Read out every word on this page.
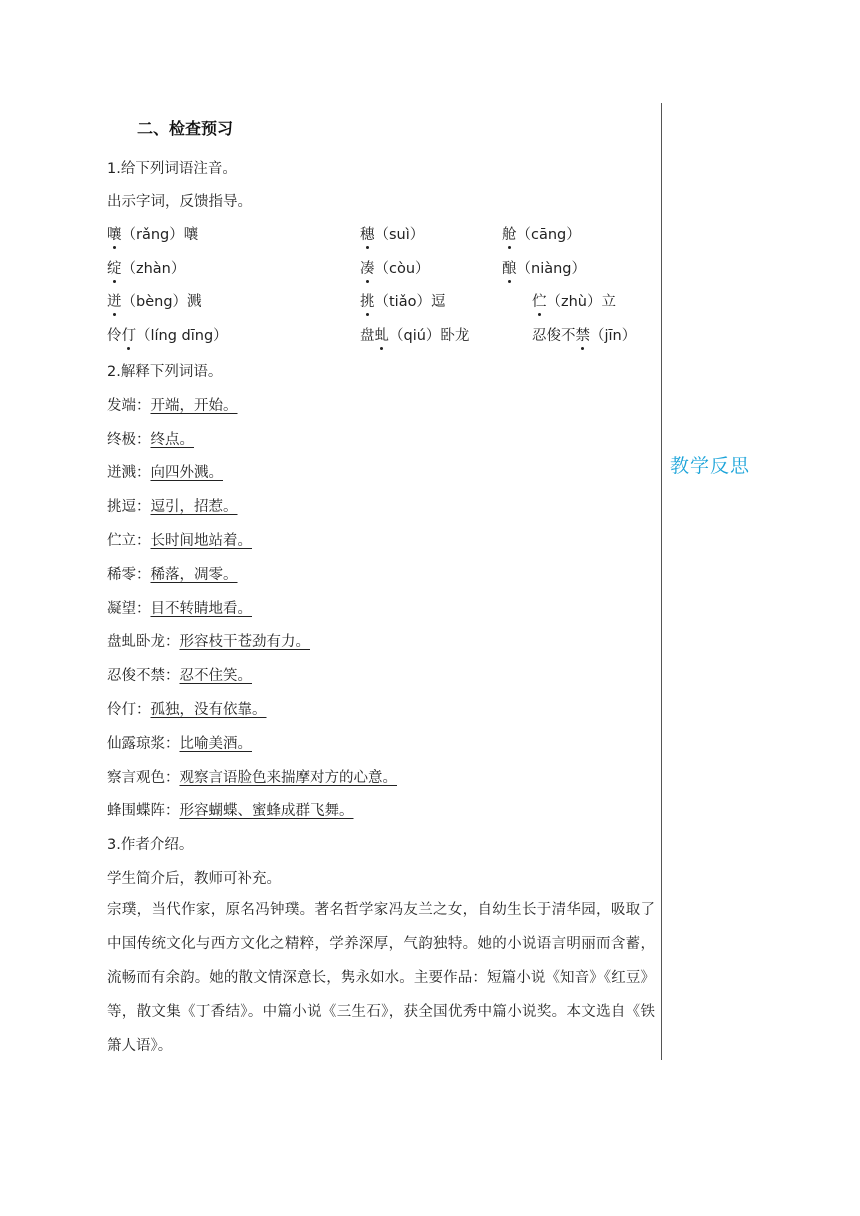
教学反思
二、检查预习
1.给下列词语注音。
出示字词，反馈指导。
嚷（rǎng）嚷	穗（suì）	舱（cāng）
绽（zhàn）	凑（còu）	酿（niàng）
迸（bèng）溅	挑（tiǎo）逗	伫（zhù）立
伶仃（líng dīng）	盘虬（qiú）卧龙	忍俊不禁（jīn）
2.解释下列词语。
发端：开端，开始。
终极：终点。
迸溅：向四外溅。
挑逗：逗引，招惹。
伫立：长时间地站着。
稀零：稀落，凋零。
凝望：目不转睛地看。
盘虬卧龙：形容枝干苍劲有力。
忍俊不禁：忍不住笑。
伶仃：孤独，没有依靠。
仙露琼浆：比喻美酒。
察言观色：观察言语脸色来揣摩对方的心意。
蜂围蝶阵：形容蝴蝶、蜜蜂成群飞舞。
3.作者介绍。
学生简介后，教师可补充。
宗璞，当代作家，原名冯钟璞。著名哲学家冯友兰之女，自幼生长于清华园，吸取了中国传统文化与西方文化之精粹，学养深厚，气韵独特。她的小说语言明丽而含蓄，流畅而有余韵。她的散文情深意长，隽永如水。主要作品：短篇小说《知音》《红豆》等，散文集《丁香结》。中篇小说《三生石》，获全国优秀中篇小说奖。本文选自《铁箫人语》。
